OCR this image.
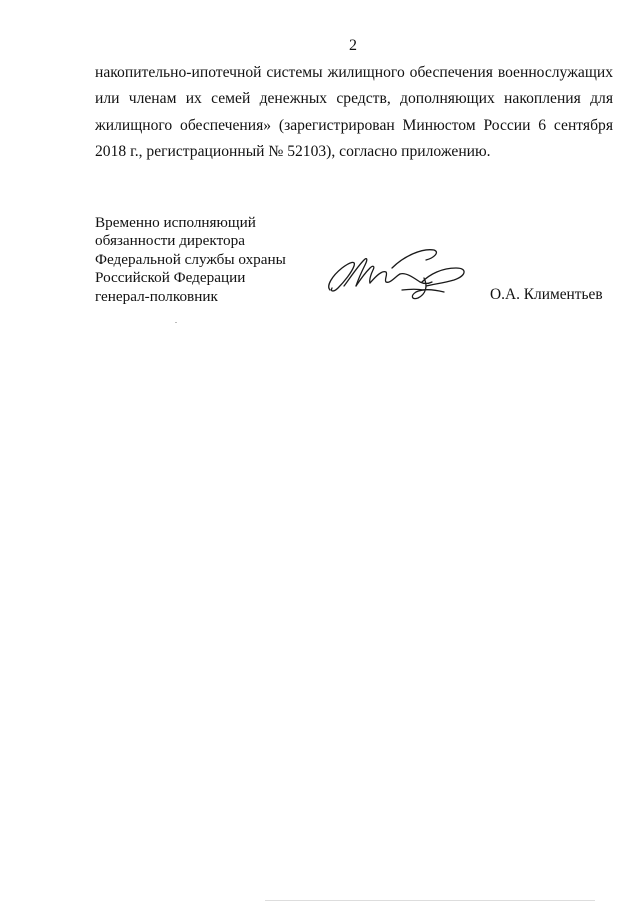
2
накопительно-ипотечной системы жилищного обеспечения военнослужащих
или членам их семей денежных средств, дополняющих накопления для
жилищного обеспечения» (зарегистрирован Минюстом России 6 сентября
2018 г., регистрационный № 52103), согласно приложению.
Временно исполняющий
обязанности директора
Федеральной службы охраны
Российской Федерации
генерал-полковник	О.А. Климентьев
